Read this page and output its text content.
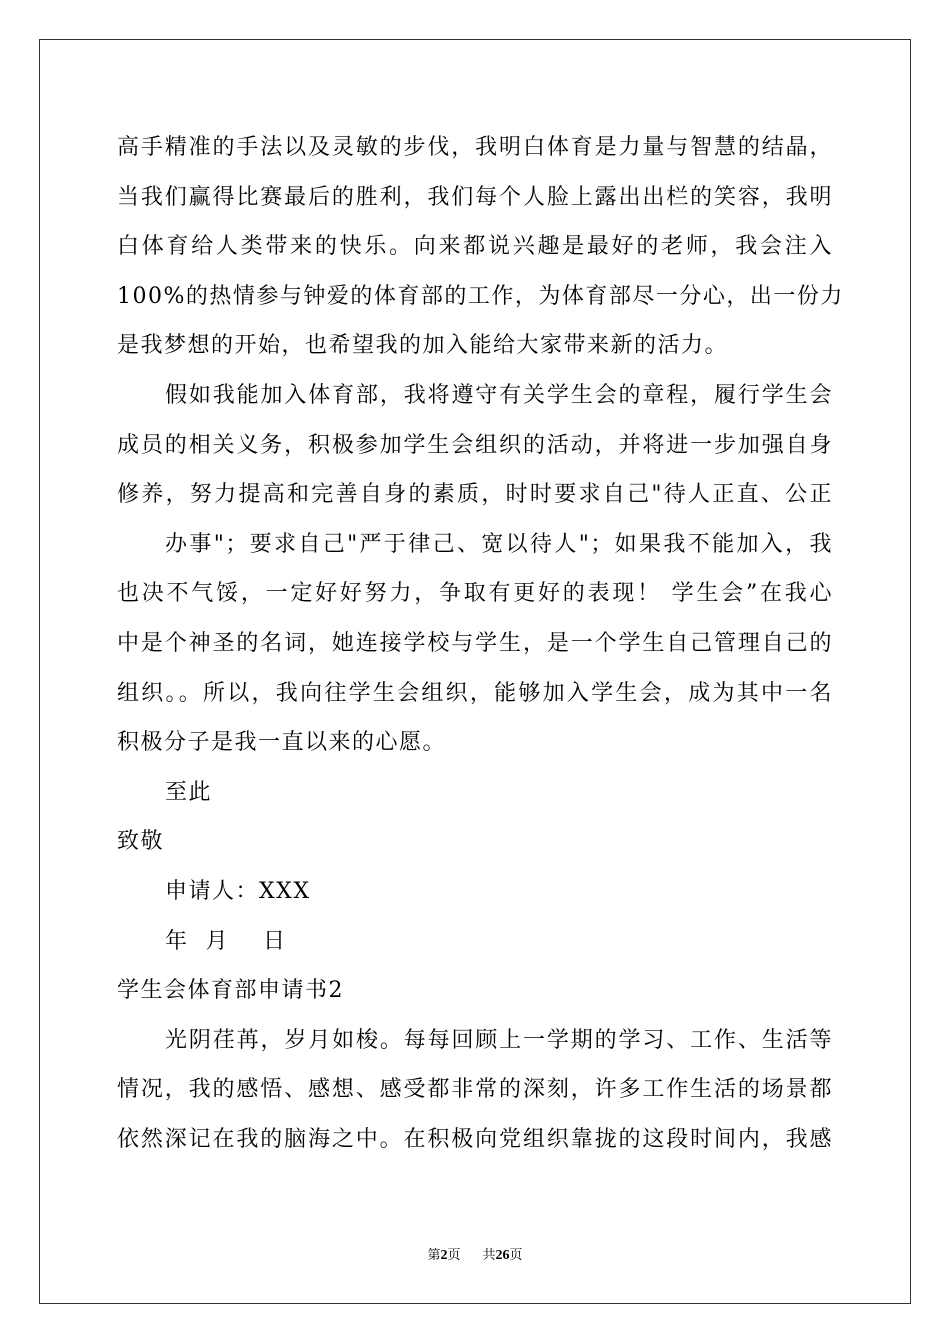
高手精准的手法以及灵敏的步伐，我明白体育是力量与智慧的结晶，
当我们赢得比赛最后的胜利，我们每个人脸上露出出栏的笑容，我明
白体育给人类带来的快乐。向来都说兴趣是最好的老师，我会注入
100%的热情参与钟爱的体育部的工作，为体育部尽一分心，出一份力
是我梦想的开始，也希望我的加入能给大家带来新的活力。
假如我能加入体育部，我将遵守有关学生会的章程，履行学生会
成员的相关义务，积极参加学生会组织的活动，并将进一步加强自身
修养，努力提高和完善自身的素质，时时要求自己"待人正直、公正
办事"；要求自己"严于律己、宽以待人"；如果我不能加入，我
也决不气馁，一定好好努力，争取有更好的表现！ 学生会”在我心
中是个神圣的名词，她连接学校与学生，是一个学生自己管理自己的
组织。。所以，我向往学生会组织，能够加入学生会，成为其中一名
积极分子是我一直以来的心愿。
至此
致敬
申请人：XXX
年  月    日
学生会体育部申请书2
光阴荏苒，岁月如梭。每每回顾上一学期的学习、工作、生活等
情况，我的感悟、感想、感受都非常的深刻，许多工作生活的场景都
依然深记在我的脑海之中。在积极向党组织靠拢的这段时间内，我感
第2页 共26页
